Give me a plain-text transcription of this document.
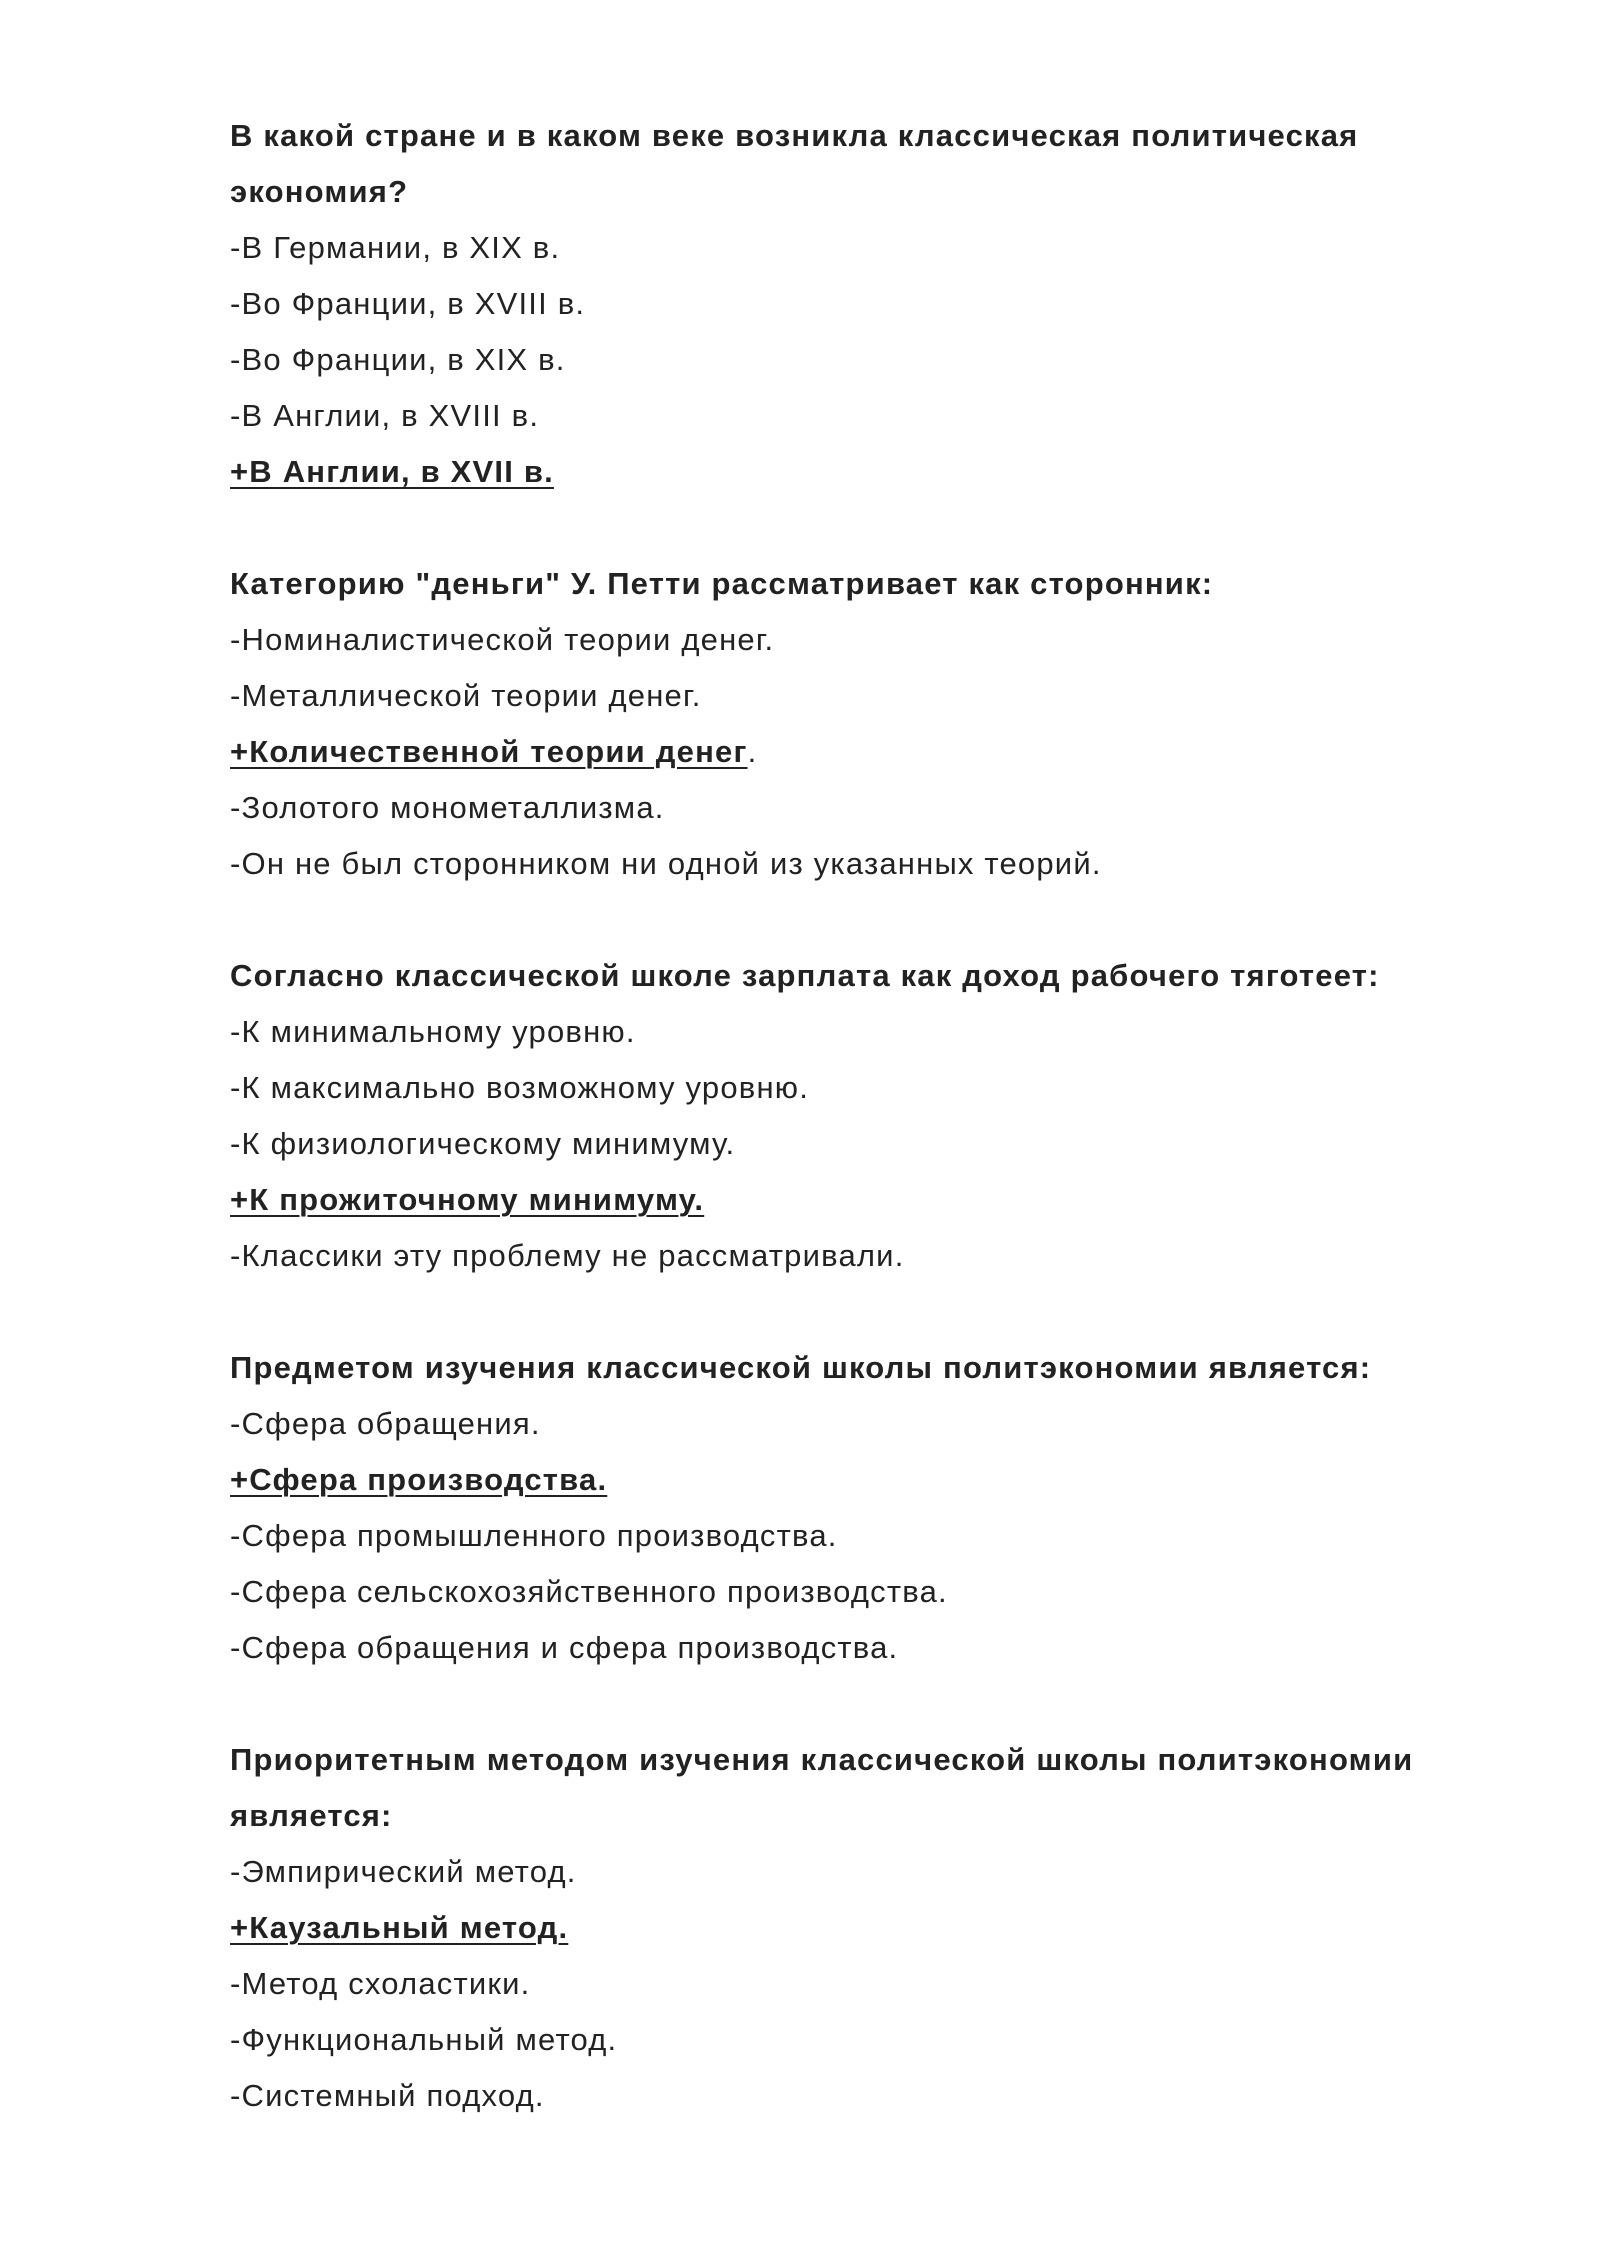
В какой стране и в каком веке возникла классическая политическая экономия?

-В Германии, в XIX в.

-Во Франции, в XVIII в.

-Во Франции, в XIX в.

-В Англии, в XVIII в.

+В Англии, в XVII в.

Категорию "деньги" У. Петти рассматривает как сторонник:

-Номиналистической теории денег.

-Металлической теории денег.

+Количественной теории денег.

-Золотого монометаллизма.

-Он не был сторонником ни одной из указанных теорий.

Согласно классической школе зарплата как доход рабочего тяготеет:

-К минимальному уровню.

-К максимально возможному уровню.

-К физиологическому минимуму.

+К прожиточному минимуму.

-Классики эту проблему не рассматривали.

Предметом изучения классической школы политэкономии является:

-Сфера обращения.

+Сфера производства.

-Сфера промышленного производства.

-Сфера сельскохозяйственного производства.

-Сфера обращения и сфера производства.

Приоритетным методом изучения классической школы политэкономии является:

-Эмпирический метод.

+Каузальный метод.

-Метод схоластики.

-Функциональный метод.

-Системный подход.
